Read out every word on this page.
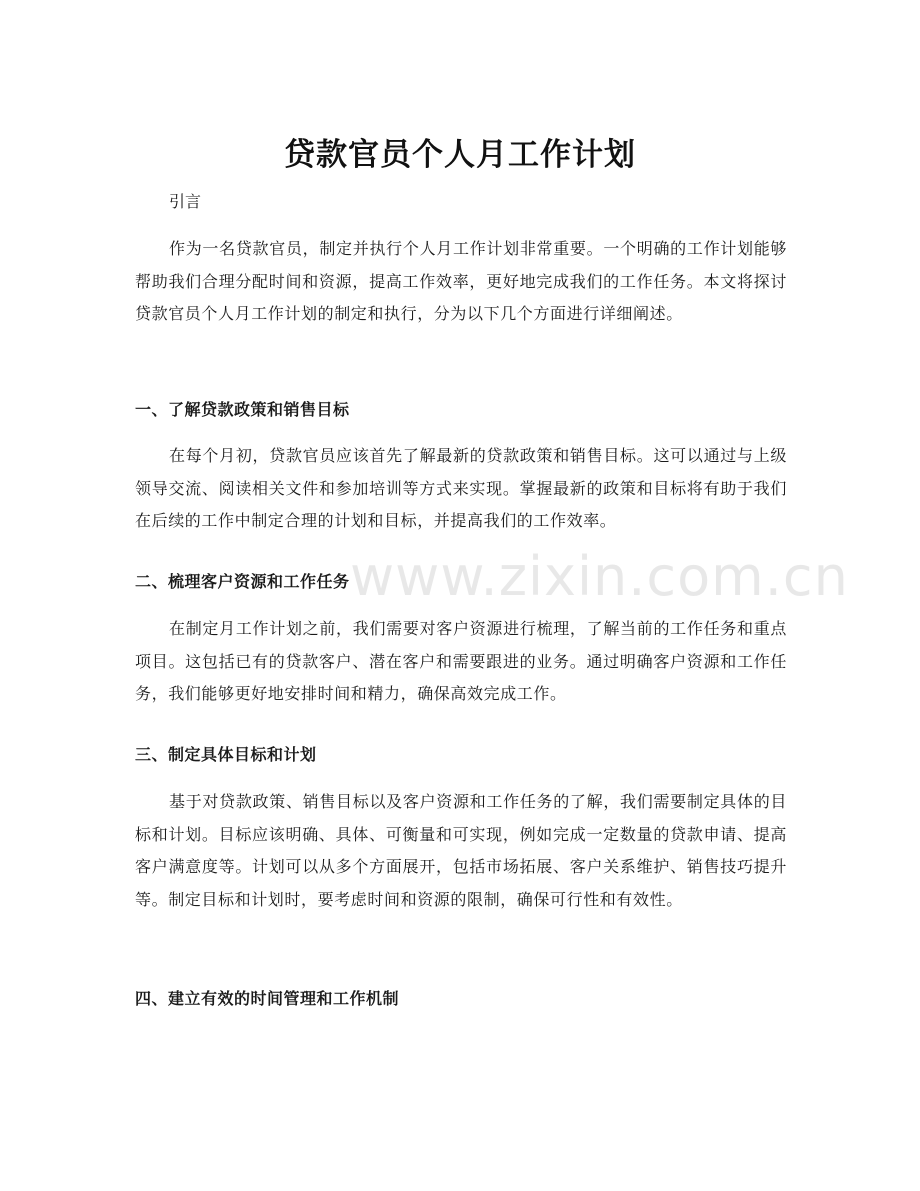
贷款官员个人月工作计划

引言

作为一名贷款官员，制定并执行个人月工作计划非常重要。一个明确的工作计划能够帮助我们合理分配时间和资源，提高工作效率，更好地完成我们的工作任务。本文将探讨贷款官员个人月工作计划的制定和执行，分为以下几个方面进行详细阐述。

一、了解贷款政策和销售目标

在每个月初，贷款官员应该首先了解最新的贷款政策和销售目标。这可以通过与上级领导交流、阅读相关文件和参加培训等方式来实现。掌握最新的政策和目标将有助于我们在后续的工作中制定合理的计划和目标，并提高我们的工作效率。

二、梳理客户资源和工作任务

在制定月工作计划之前，我们需要对客户资源进行梳理，了解当前的工作任务和重点项目。这包括已有的贷款客户、潜在客户和需要跟进的业务。通过明确客户资源和工作任务，我们能够更好地安排时间和精力，确保高效完成工作。

三、制定具体目标和计划

基于对贷款政策、销售目标以及客户资源和工作任务的了解，我们需要制定具体的目标和计划。目标应该明确、具体、可衡量和可实现，例如完成一定数量的贷款申请、提高客户满意度等。计划可以从多个方面展开，包括市场拓展、客户关系维护、销售技巧提升等。制定目标和计划时，要考虑时间和资源的限制，确保可行性和有效性。

四、建立有效的时间管理和工作机制
www.zixin.com.cn
